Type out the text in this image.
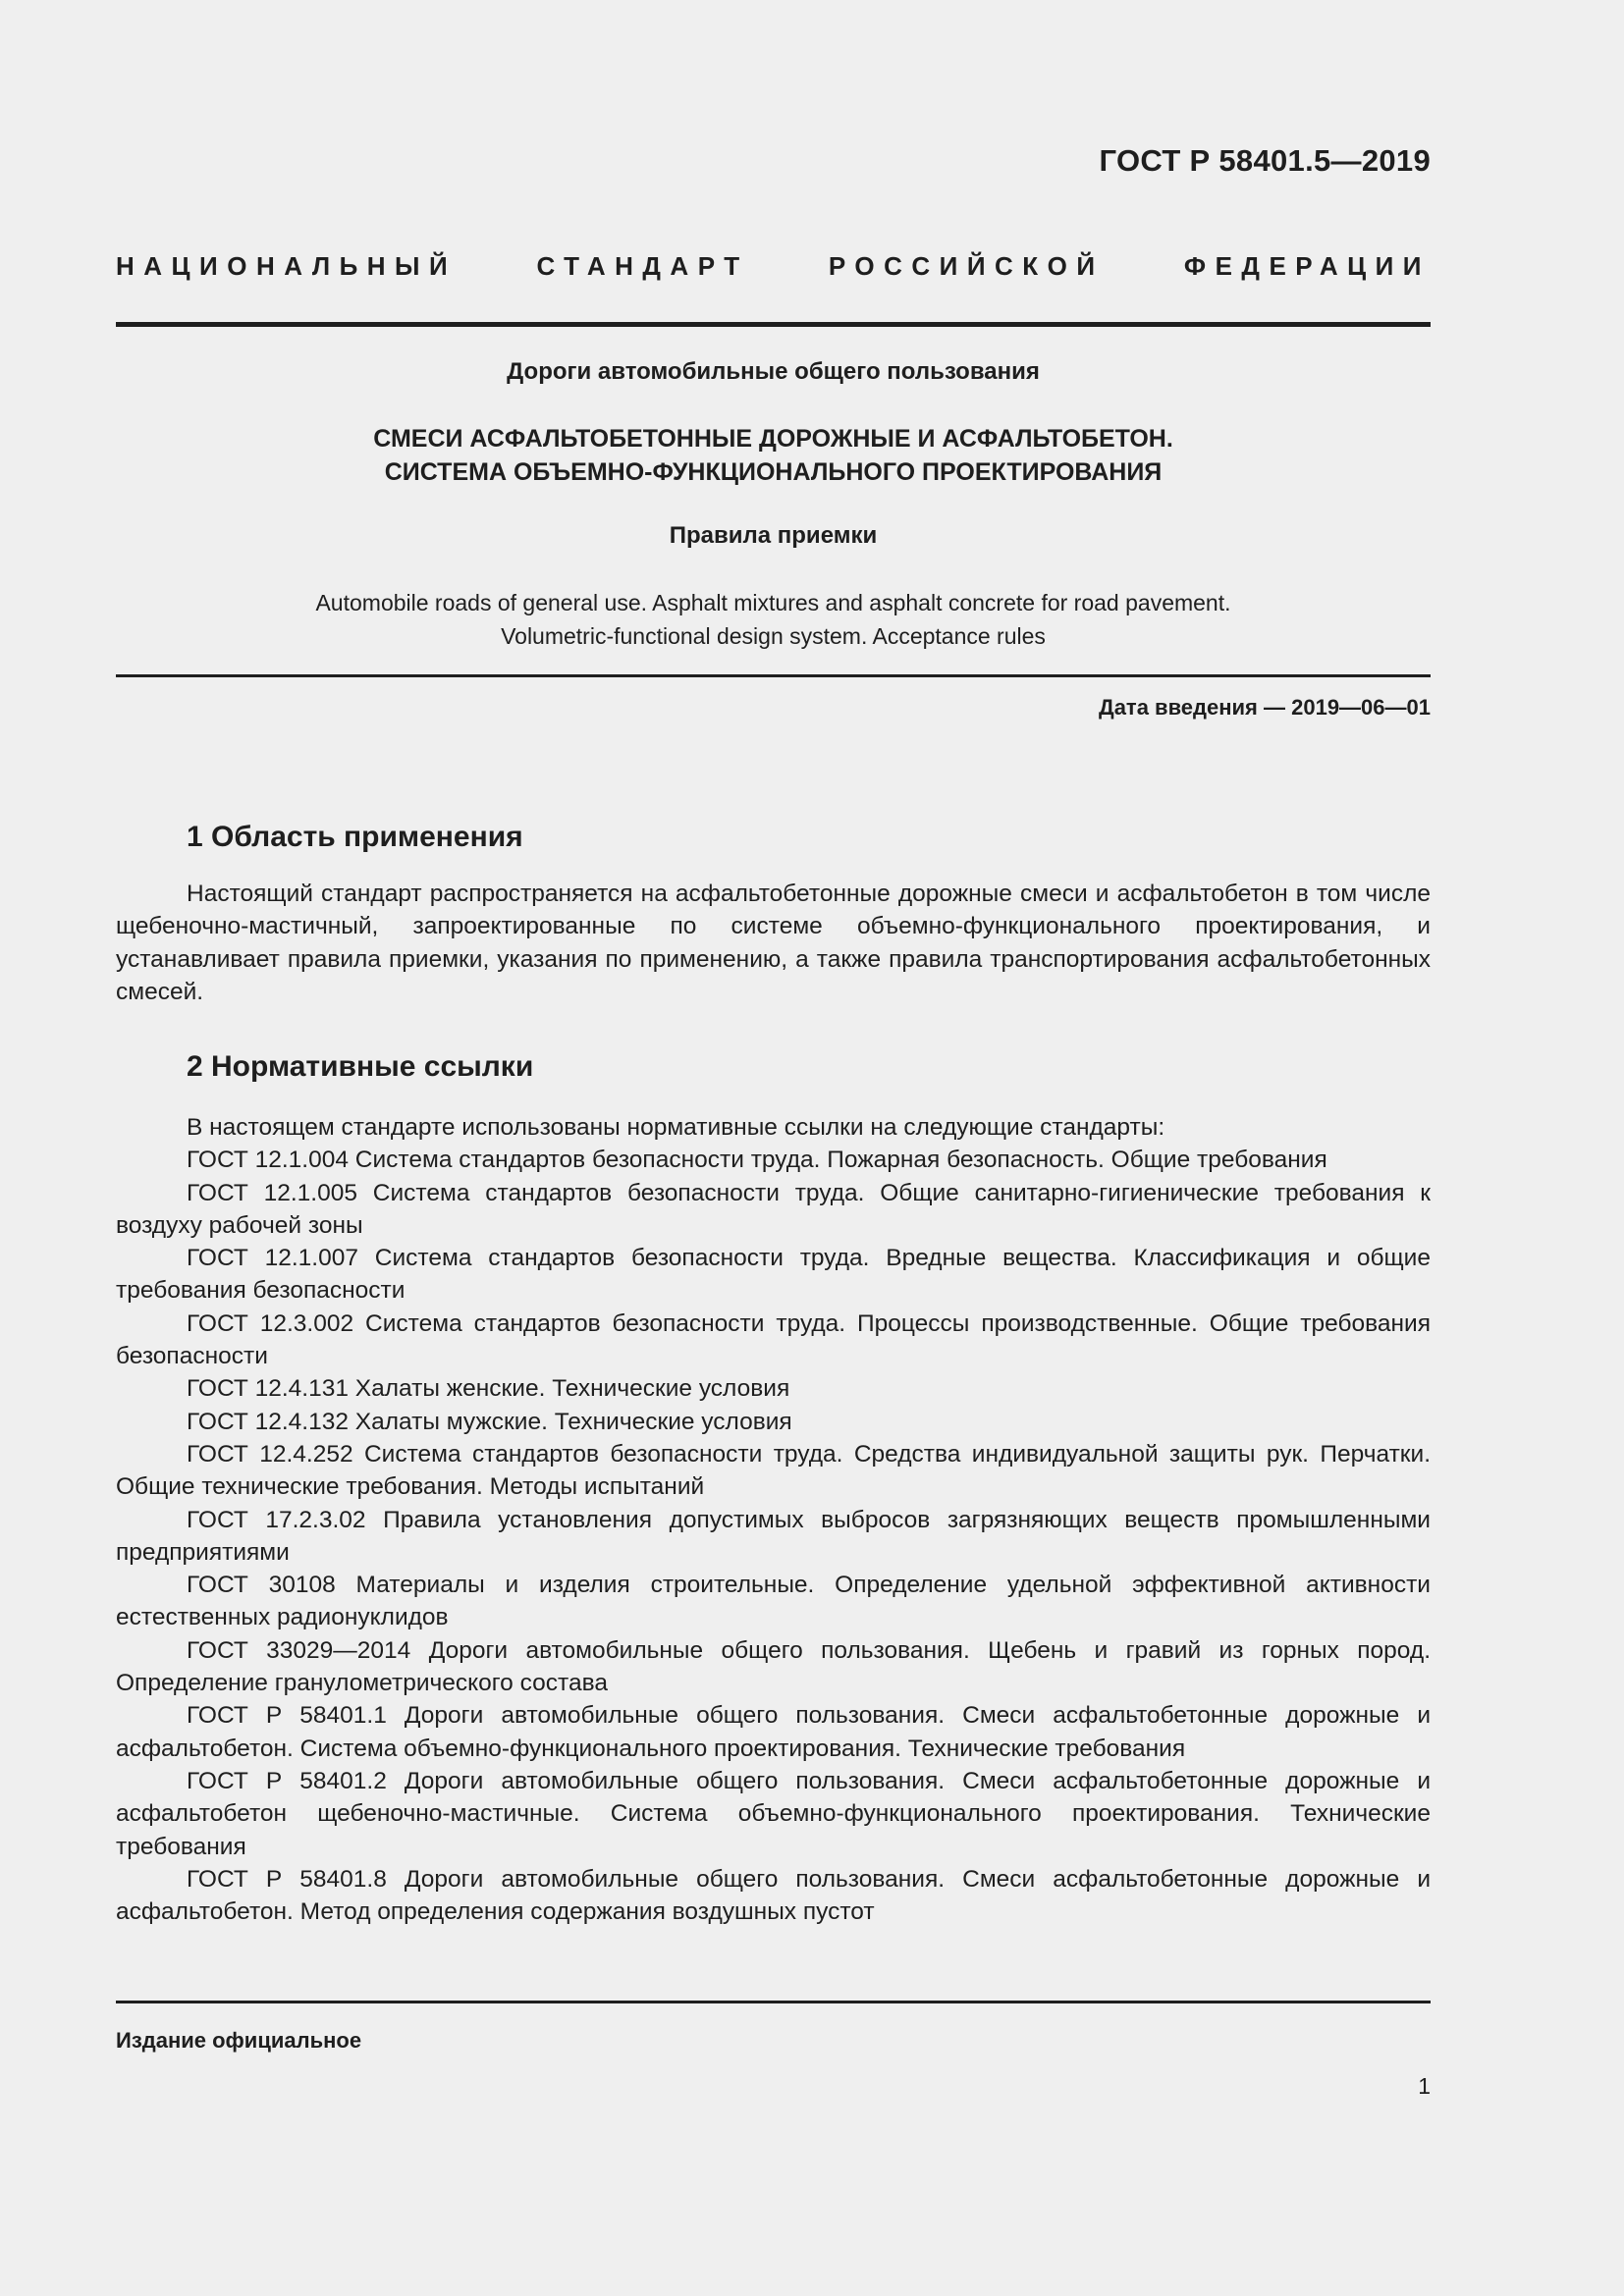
ГОСТ Р 58401.5—2019
НАЦИОНАЛЬНЫЙ СТАНДАРТ РОССИЙСКОЙ ФЕДЕРАЦИИ
Дороги автомобильные общего пользования
СМЕСИ АСФАЛЬТОБЕТОННЫЕ ДОРОЖНЫЕ И АСФАЛЬТОБЕТОН.
СИСТЕМА ОБЪЕМНО-ФУНКЦИОНАЛЬНОГО ПРОЕКТИРОВАНИЯ
Правила приемки
Automobile roads of general use. Asphalt mixtures and asphalt concrete for road pavement.
Volumetric-functional design system. Acceptance rules
Дата введения — 2019—06—01
1 Область применения

Настоящий стандарт распространяется на асфальтобетонные дорожные смеси и асфальтобетон в том числе щебеночно-мастичный, запроектированные по системе объемно-функционального проектирования, и устанавливает правила приемки, указания по применению, а также правила транспортирования асфальтобетонных смесей.

2 Нормативные ссылки

В настоящем стандарте использованы нормативные ссылки на следующие стандарты:

ГОСТ 12.1.004 Система стандартов безопасности труда. Пожарная безопасность. Общие требования

ГОСТ 12.1.005 Система стандартов безопасности труда. Общие санитарно-гигиенические требования к воздуху рабочей зоны

ГОСТ 12.1.007 Система стандартов безопасности труда. Вредные вещества. Классификация и общие требования безопасности

ГОСТ 12.3.002 Система стандартов безопасности труда. Процессы производственные. Общие требования безопасности

ГОСТ 12.4.131 Халаты женские. Технические условия

ГОСТ 12.4.132 Халаты мужские. Технические условия

ГОСТ 12.4.252 Система стандартов безопасности труда. Средства индивидуальной защиты рук. Перчатки. Общие технические требования. Методы испытаний

ГОСТ 17.2.3.02 Правила установления допустимых выбросов загрязняющих веществ промышленными предприятиями

ГОСТ 30108 Материалы и изделия строительные. Определение удельной эффективной активности естественных радионуклидов

ГОСТ 33029—2014 Дороги автомобильные общего пользования. Щебень и гравий из горных пород. Определение гранулометрического состава

ГОСТ Р 58401.1 Дороги автомобильные общего пользования. Смеси асфальтобетонные дорожные и асфальтобетон. Система объемно-функционального проектирования. Технические требования

ГОСТ Р 58401.2 Дороги автомобильные общего пользования. Смеси асфальтобетонные дорожные и асфальтобетон щебеночно-мастичные. Система объемно-функционального проектирования. Технические требования

ГОСТ Р 58401.8 Дороги автомобильные общего пользования. Смеси асфальтобетонные дорожные и асфальтобетон. Метод определения содержания воздушных пустот

Издание официальное
1
